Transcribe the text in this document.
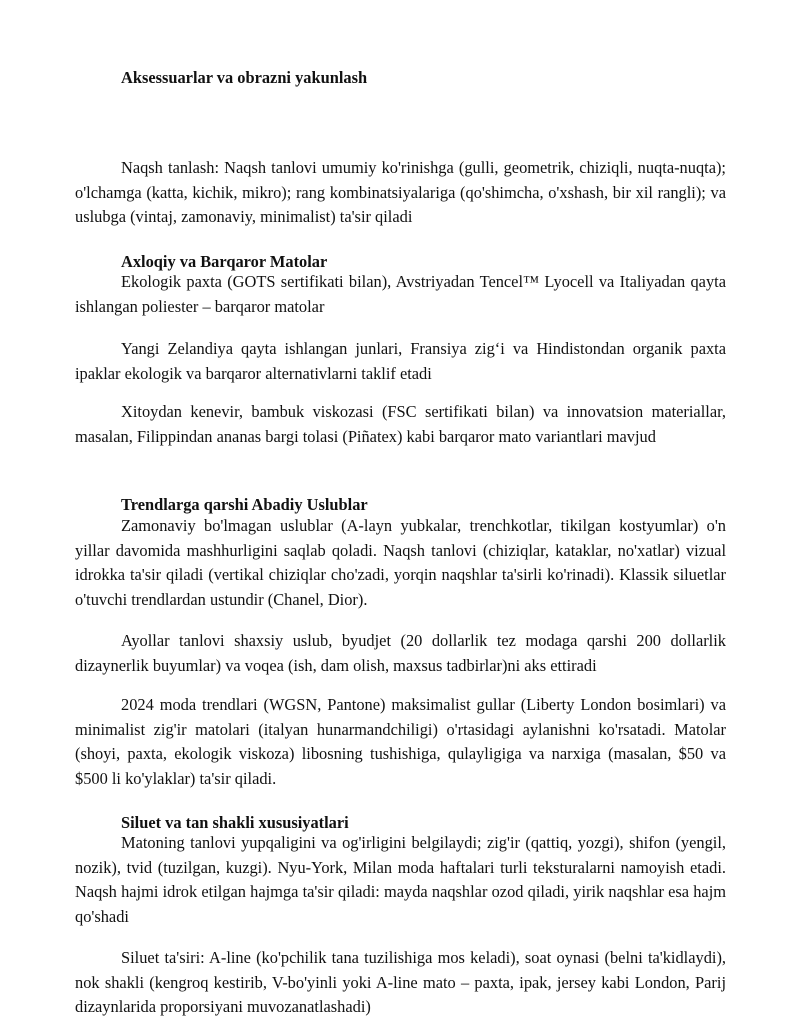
Aksessuarlar va obrazni yakunlash
Naqsh tanlash: Naqsh tanlovi umumiy ko'rinishga (gulli, geometrik, chiziqli, nuqta-nuqta); o'lchamga (katta, kichik, mikro); rang kombinatsiyalariga (qo'shimcha, o'xshash, bir xil rangli); va uslubga (vintaj, zamonaviy, minimalist) ta'sir qiladi
Axloqiy va Barqaror Matolar
Ekologik paxta (GOTS sertifikati bilan), Avstriyadan Tencel™ Lyocell va Italiyadan qayta ishlangan poliester – barqaror matolar
Yangi Zelandiya qayta ishlangan junlari, Fransiya zig‘i va Hindistondan organik paxta ipaklar ekologik va barqaror alternativlarni taklif etadi
Xitoydan kenevir, bambuk viskozasi (FSC sertifikati bilan) va innovatsion materiallar, masalan, Filippindan ananas bargi tolasi (Piñatex) kabi barqaror mato variantlari mavjud
Trendlarga qarshi Abadiy Uslublar
Zamonaviy bo'lmagan uslublar (A-layn yubkalar, trenchkotlar, tikilgan kostyumlar) o'n yillar davomida mashhurligini saqlab qoladi. Naqsh tanlovi (chiziqlar, kataklar, no'xatlar) vizual idrokka ta'sir qiladi (vertikal chiziqlar cho'zadi, yorqin naqshlar ta'sirli ko'rinadi). Klassik siluetlar o'tuvchi trendlardan ustundir (Chanel, Dior).
Ayollar tanlovi shaxsiy uslub, byudjet (20 dollarlik tez modaga qarshi 200 dollarlik dizaynerlik buyumlar) va voqea (ish, dam olish, maxsus tadbirlar)ni aks ettiradi
2024 moda trendlari (WGSN, Pantone) maksimalist gullar (Liberty London bosimlari) va minimalist zig'ir matolari (italyan hunarmandchiligi) o'rtasidagi aylanishni ko'rsatadi. Matolar (shoyi, paxta, ekologik viskoza) libosning tushishiga, qulayligiga va narxiga (masalan, $50 va $500 li ko'ylaklar) ta'sir qiladi.
Siluet va tan shakli xususiyatlari
Matoning tanlovi yupqaligini va og'irligini belgilaydi; zig'ir (qattiq, yozgi), shifon (yengil, nozik), tvid (tuzilgan, kuzgi). Nyu-York, Milan moda haftalari turli teksturalarni namoyish etadi. Naqsh hajmi idrok etilgan hajmga ta'sir qiladi: mayda naqshlar ozod qiladi, yirik naqshlar esa hajm qo'shadi
Siluet ta'siri: A-line (ko'pchilik tana tuzilishiga mos keladi), soat oynasi (belni ta'kidlaydi), nok shakli (kengroq kestirib, V-bo'yinli yoki A-line mato – paxta, ipak, jersey kabi London, Parij dizaynlarida proporsiyani muvozanatlashadi)
